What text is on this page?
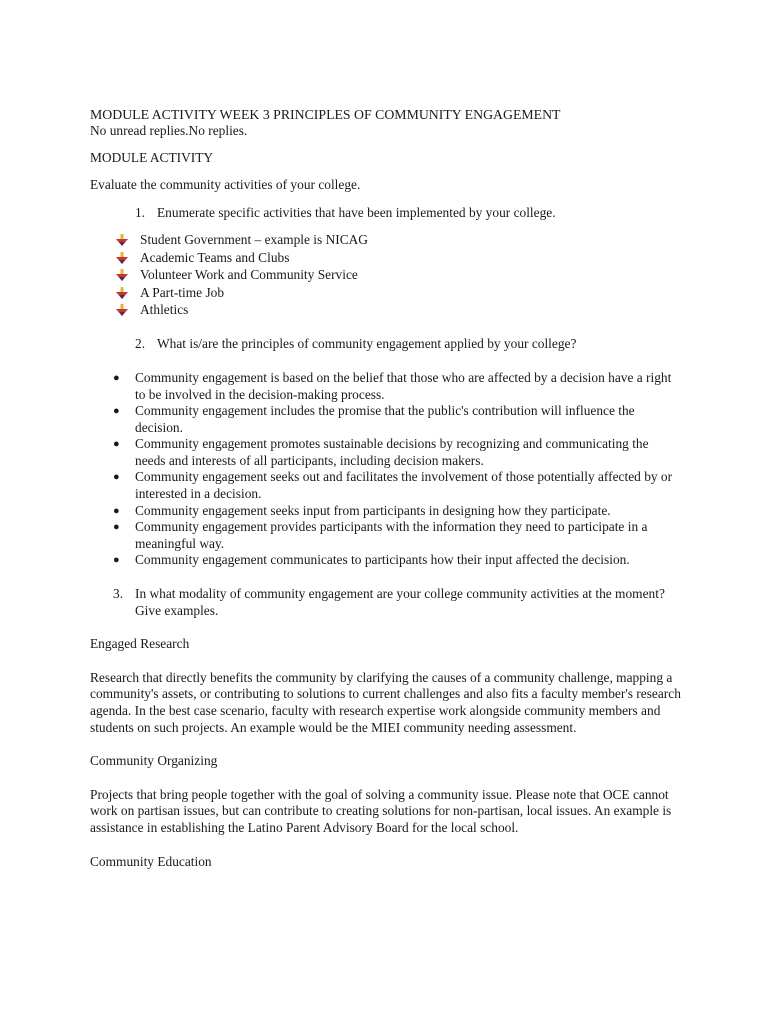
MODULE ACTIVITY WEEK 3 PRINCIPLES OF COMMUNITY ENGAGEMENT

No unread replies.No replies.

MODULE ACTIVITY

Evaluate the community activities of your college.

1. Enumerate specific activities that have been implemented by your college.
Student Government – example is NICAG
Academic Teams and Clubs
Volunteer Work and Community Service
A Part-time Job
Athletics
2. What is/are the principles of community engagement applied by your college?
●	Community engagement is based on the belief that those who are affected by a decision have a right to be involved in the decision-making process.
●	Community engagement includes the promise that the public's contribution will influence the decision.
●	Community engagement promotes sustainable decisions by recognizing and communicating the needs and interests of all participants, including decision makers.
●	Community engagement seeks out and facilitates the involvement of those potentially affected by or interested in a decision.
●	Community engagement seeks input from participants in designing how they participate.
●	Community engagement provides participants with the information they need to participate in a meaningful way.
●	Community engagement communicates to participants how their input affected the decision.
3. In what modality of community engagement are your college community activities at the moment? Give examples.

Engaged Research

Research that directly benefits the community by clarifying the causes of a community challenge, mapping a community's assets, or contributing to solutions to current challenges and also fits a faculty member's research agenda. In the best case scenario, faculty with research expertise work alongside community members and students on such projects. An example would be the MIEI community needing assessment.

Community Organizing

Projects that bring people together with the goal of solving a community issue. Please note that OCE cannot work on partisan issues, but can contribute to creating solutions for non-partisan, local issues. An example is assistance in establishing the Latino Parent Advisory Board for the local school.

Community Education
